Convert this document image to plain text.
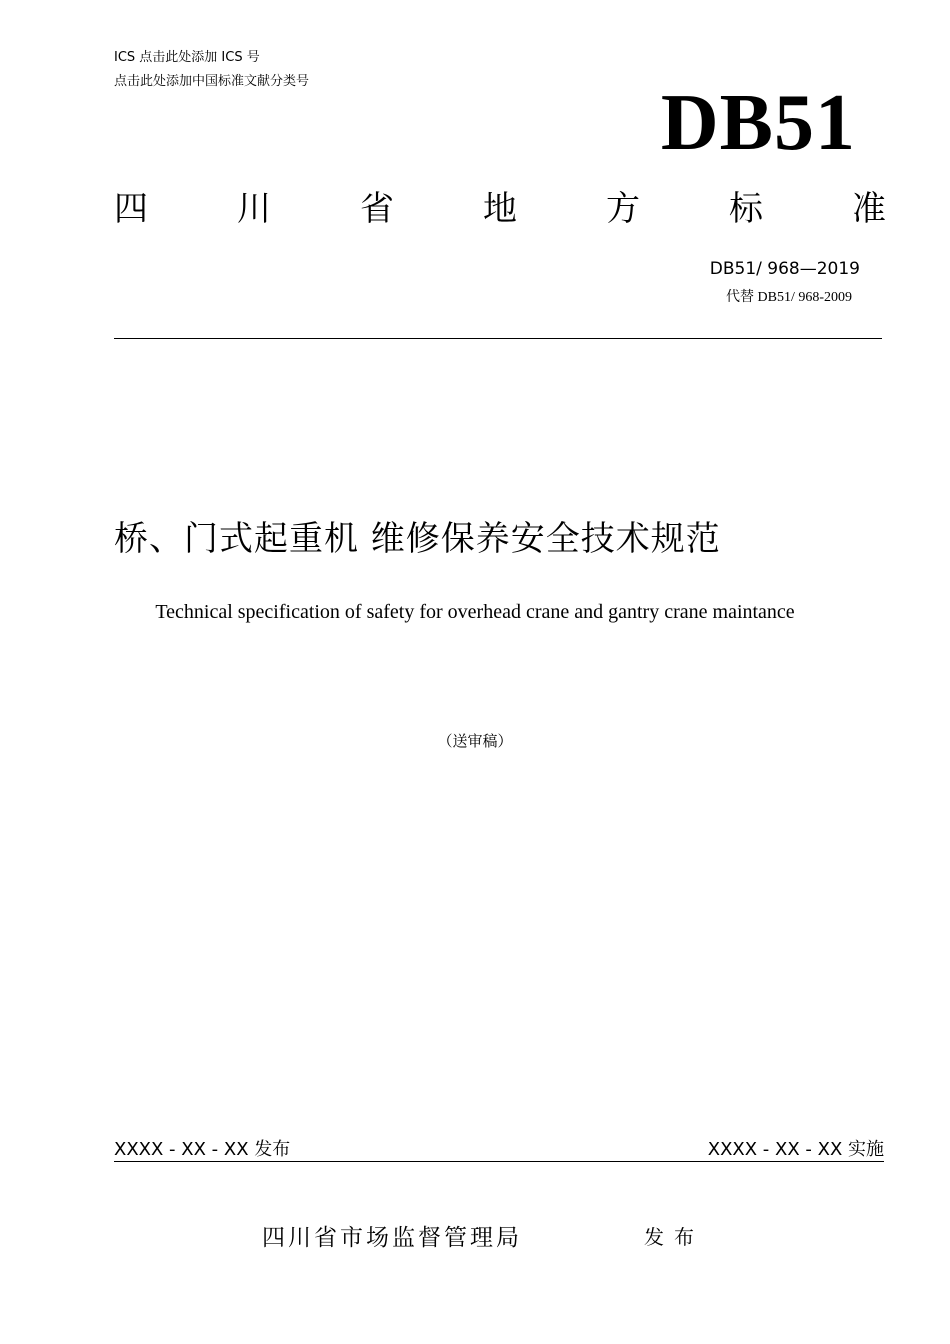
ICS 点击此处添加 ICS 号
点击此处添加中国标准文献分类号	DB51
四	川	省	地	方	标	准
DB51/ 968—2019
代替 DB51/ 968-2009
桥、门式起重机 维修保养安全技术规范
Technical specification of safety for overhead crane and gantry crane maintance
（送审稿）
XXXX - XX - XX 发布	XXXX - XX - XX 实施
四川省市场监督管理局	发布
